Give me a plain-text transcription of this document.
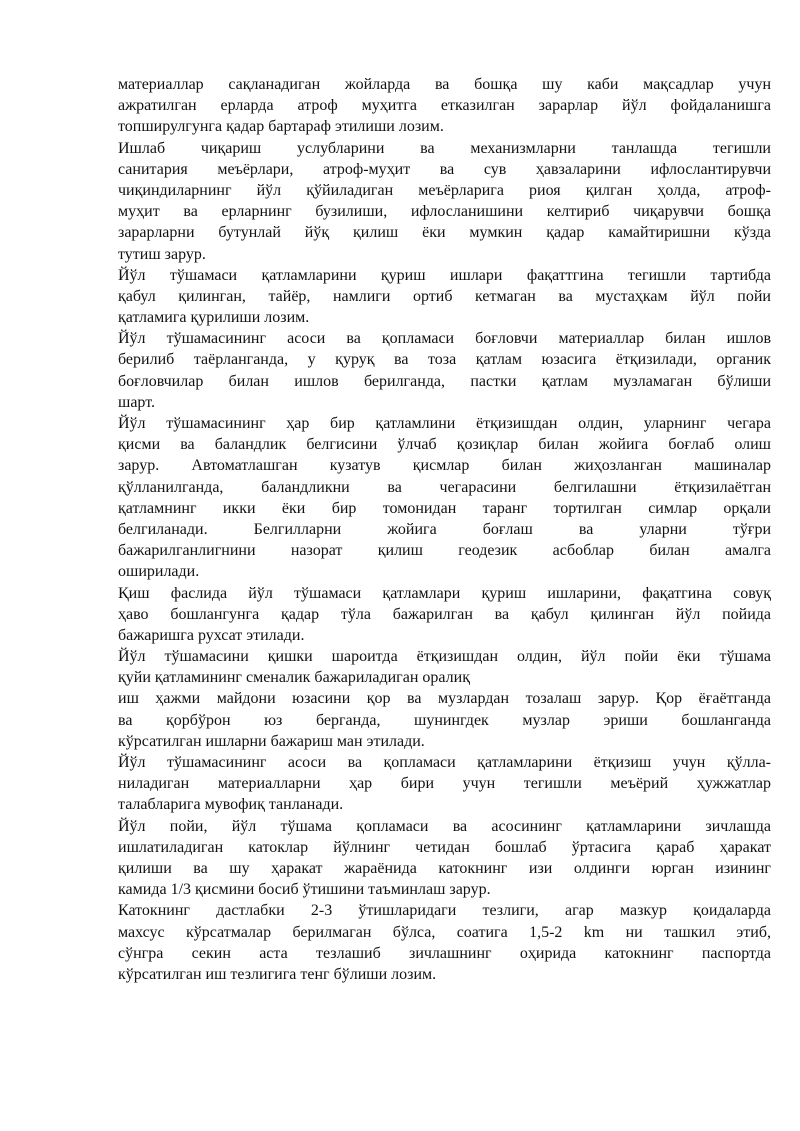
материаллар сақланадиган жойларда ва бошқа шу каби мақсадлар учун
ажратилган ерларда атроф муҳитга етказилган зарарлар йўл фойдаланишга
топширулгунга қадар бартараф этилиши лозим.
Ишлаб чиқариш услубларини ва механизмларни танлашда тегишли
санитария меъёрлари, атроф-муҳит ва сув ҳавзаларини ифлослантирувчи
чиқиндиларнинг йўл қўйиладиган меъёрларига риоя қилган ҳолда, атроф-
муҳит ва ерларнинг бузилиши, ифлосланишини келтириб чиқарувчи бошқа
зарарларни бутунлай йўқ қилиш ёки мумкин қадар камайтиришни кўзда
тутиш зарур.
Йўл тўшамаси қатламларини қуриш ишлари фақаттгина тегишли тартибда
қабул қилинган, тайёр, намлиги ортиб кетмаган ва мустаҳкам йўл пойи
қатламига қурилиши лозим.
Йўл тўшамасининг асоси ва қопламаси боғловчи материаллар билан ишлов
берилиб таёрланганда, у қуруқ ва тоза қатлам юзасига ётқизилади, органик
боғловчилар билан ишлов берилганда, пастки қатлам музламаган бўлиши
шарт.
Йўл тўшамасининг ҳар бир қатламлини ётқизишдан олдин, уларнинг чегара
қисми ва баландлик белгисини ўлчаб қозиқлар билан жойига боғлаб олиш
зарур. Автоматлашган кузатув қисмлар билан жиҳозланган машиналар
қўлланилганда, баландликни ва чегарасини белгилашни ётқизилаётган
қатламнинг икки ёки бир томонидан таранг тортилган симлар орқали
белгиланади. Белгилларни жойига боғлаш ва уларни тўғри
бажарилганлигнини назорат қилиш геодезик асбоблар билан амалга
оширилади.
Қиш фаслида йўл тўшамаси қатламлари қуриш ишларини, фақатгина совуқ
ҳаво бошлангунга қадар тўла бажарилган ва қабул қилинган йўл пойида
бажаришга рухсат этилади.
Йўл тўшамасини қишки шароитда ётқизишдан олдин, йўл пойи ёки тўшама
қуйи қатламининг сменалик бажариладиган оралиқ
иш ҳажми майдони юзасини қор ва музлардан тозалаш зарур. Қор ёғаётганда
ва қорбўрон юз берганда, шунингдек музлар эриши бошланганда
кўрсатилган ишларни бажариш ман этилади.
Йўл тўшамасининг асоси ва қопламаси қатламларини ётқизиш учун қўлла-
ниладиган материалларни ҳар бири учун тегишли меъёрий ҳужжатлар
талабларига мувофиқ танланади.
Йўл пойи, йўл тўшама қопламаси ва асосининг қатламларини зичлашда
ишлатиладиган катоклар йўлнинг четидан бошлаб ўртасига қараб ҳаракат
қилиши ва шу ҳаракат жараёнида катокнинг изи олдинги юрган изининг
камида 1/3 қисмини босиб ўтишини таъминлаш зарур.
Катокнинг дастлабки 2-3 ўтишларидаги тезлиги, агар мазкур қоидаларда
махсус кўрсатмалар берилмаган бўлса, соатига 1,5-2 km ни ташкил этиб,
сўнгра секин аста тезлашиб зичлашнинг оҳирида катокнинг паспортда
кўрсатилган иш тезлигига тенг бўлиши лозим.
